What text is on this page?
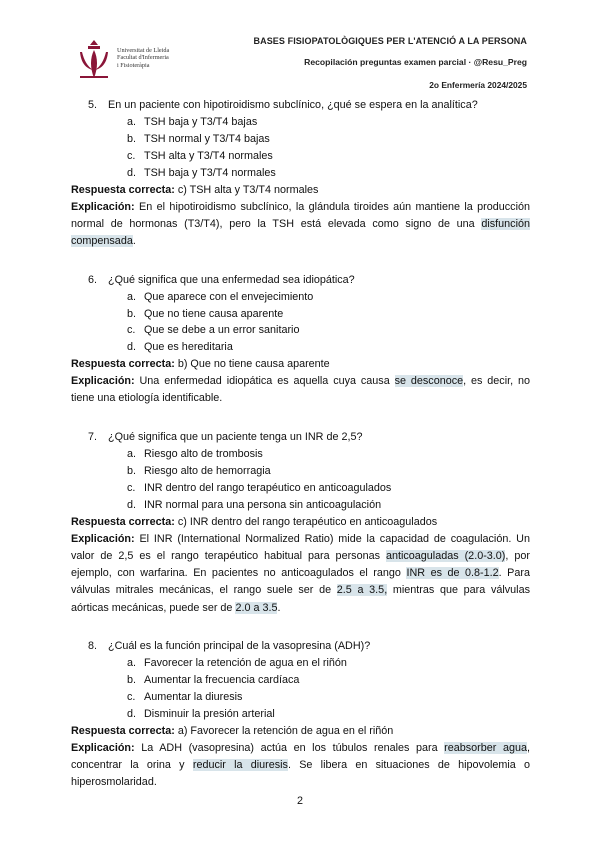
Universitat de Lleida
Facultat d'Infermeria
i Fisioteràpia
BASES FISIOPATOLÒGIQUES PER L'ATENCIÓ A LA PERSONA
Recopilación preguntas examen parcial · @Resu_Preg
2o Enfermería 2024/2025
5. En un paciente con hipotiroidismo subclínico, ¿qué se espera en la analítica?
a. TSH baja y T3/T4 bajas
b. TSH normal y T3/T4 bajas
c. TSH alta y T3/T4 normales
d. TSH baja y T3/T4 normales
Respuesta correcta: c) TSH alta y T3/T4 normales
Explicación: En el hipotiroidismo subclínico, la glándula tiroides aún mantiene la producción normal de hormonas (T3/T4), pero la TSH está elevada como signo de una disfunción compensada.
6. ¿Qué significa que una enfermedad sea idiopática?
a. Que aparece con el envejecimiento
b. Que no tiene causa aparente
c. Que se debe a un error sanitario
d. Que es hereditaria
Respuesta correcta: b) Que no tiene causa aparente
Explicación: Una enfermedad idiopática es aquella cuya causa se desconoce, es decir, no tiene una etiología identificable.
7. ¿Qué significa que un paciente tenga un INR de 2,5?
a. Riesgo alto de trombosis
b. Riesgo alto de hemorragia
c. INR dentro del rango terapéutico en anticoagulados
d. INR normal para una persona sin anticoagulación
Respuesta correcta: c) INR dentro del rango terapéutico en anticoagulados
Explicación: El INR (International Normalized Ratio) mide la capacidad de coagulación. Un valor de 2,5 es el rango terapéutico habitual para personas anticoaguladas (2.0-3.0), por ejemplo, con warfarina. En pacientes no anticoagulados el rango INR es de 0.8-1.2. Para válvulas mitrales mecánicas, el rango suele ser de 2.5 a 3.5, mientras que para válvulas aórticas mecánicas, puede ser de 2.0 a 3.5.
8. ¿Cuál es la función principal de la vasopresina (ADH)?
a. Favorecer la retención de agua en el riñón
b. Aumentar la frecuencia cardíaca
c. Aumentar la diuresis
d. Disminuir la presión arterial
Respuesta correcta: a) Favorecer la retención de agua en el riñón
Explicación: La ADH (vasopresina) actúa en los túbulos renales para reabsorber agua, concentrar la orina y reducir la diuresis. Se libera en situaciones de hipovolemia o hiperosmolaridad.
2
